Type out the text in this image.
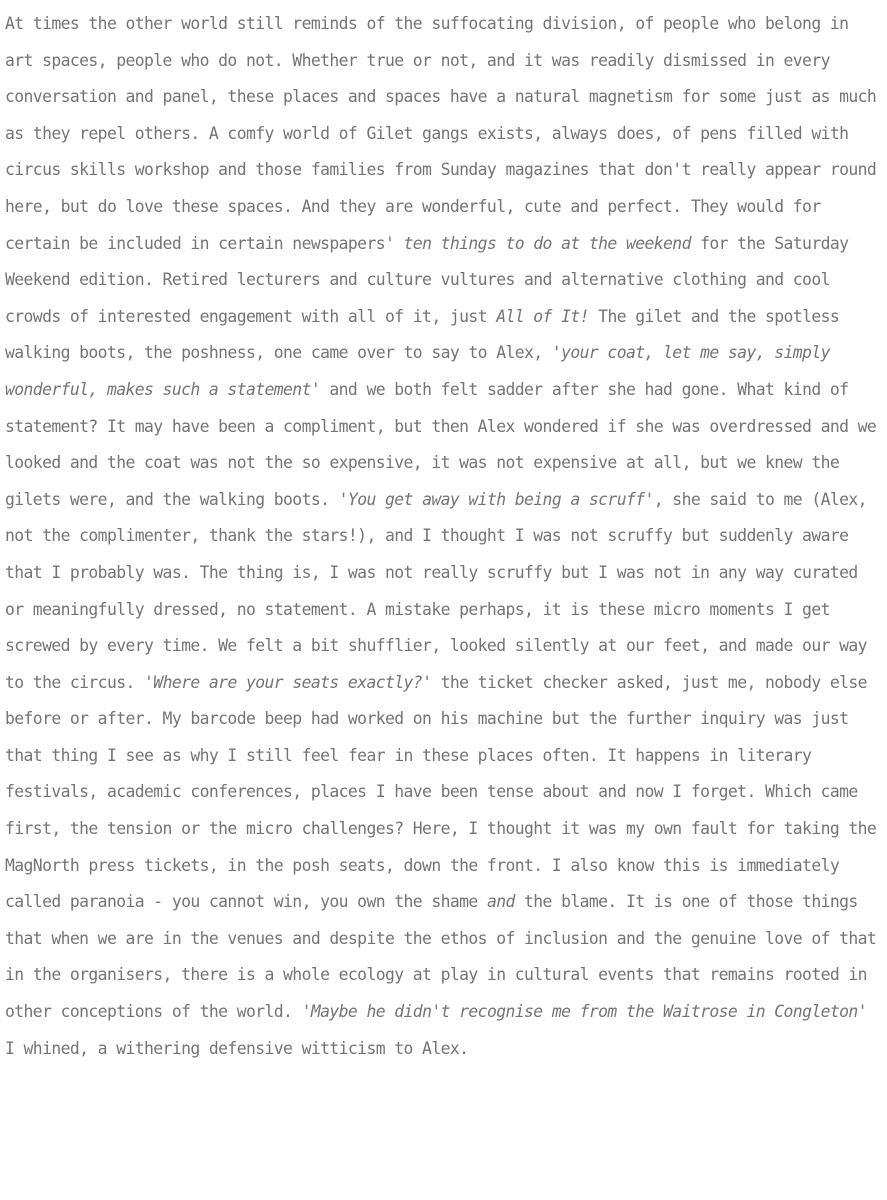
At times the other world still reminds of the suffocating division, of people who belong in art spaces, people who do not. Whether true or not, and it was readily dismissed in every conversation and panel, these places and spaces have a natural magnetism for some just as much as they repel others. A comfy world of Gilet gangs exists, always does, of pens filled with circus skills workshop and those families from Sunday magazines that don't really appear round here, but do love these spaces. And they are wonderful, cute and perfect. They would for certain be included in certain newspapers' ten things to do at the weekend for the Saturday Weekend edition. Retired lecturers and culture vultures and alternative clothing and cool crowds of interested engagement with all of it, just All of It! The gilet and the spotless walking boots, the poshness, one came over to say to Alex, 'your coat, let me say, simply wonderful, makes such a statement' and we both felt sadder after she had gone. What kind of statement? It may have been a compliment, but then Alex wondered if she was overdressed and we looked and the coat was not the so expensive, it was not expensive at all, but we knew the gilets were, and the walking boots. 'You get away with being a scruff', she said to me (Alex, not the complimenter, thank the stars!), and I thought I was not scruffy but suddenly aware that I probably was. The thing is, I was not really scruffy but I was not in any way curated or meaningfully dressed, no statement. A mistake perhaps, it is these micro moments I get screwed by every time. We felt a bit shufflier, looked silently at our feet, and made our way to the circus. 'Where are your seats exactly?' the ticket checker asked, just me, nobody else before or after. My barcode beep had worked on his machine but the further inquiry was just that thing I see as why I still feel fear in these places often. It happens in literary festivals, academic conferences, places I have been tense about and now I forget. Which came first, the tension or the micro challenges? Here, I thought it was my own fault for taking the MagNorth press tickets, in the posh seats, down the front. I also know this is immediately called paranoia - you cannot win, you own the shame and the blame. It is one of those things that when we are in the venues and despite the ethos of inclusion and the genuine love of that in the organisers, there is a whole ecology at play in cultural events that remains rooted in other conceptions of the world. 'Maybe he didn't recognise me from the Waitrose in Congleton' I whined, a withering defensive witticism to Alex.
